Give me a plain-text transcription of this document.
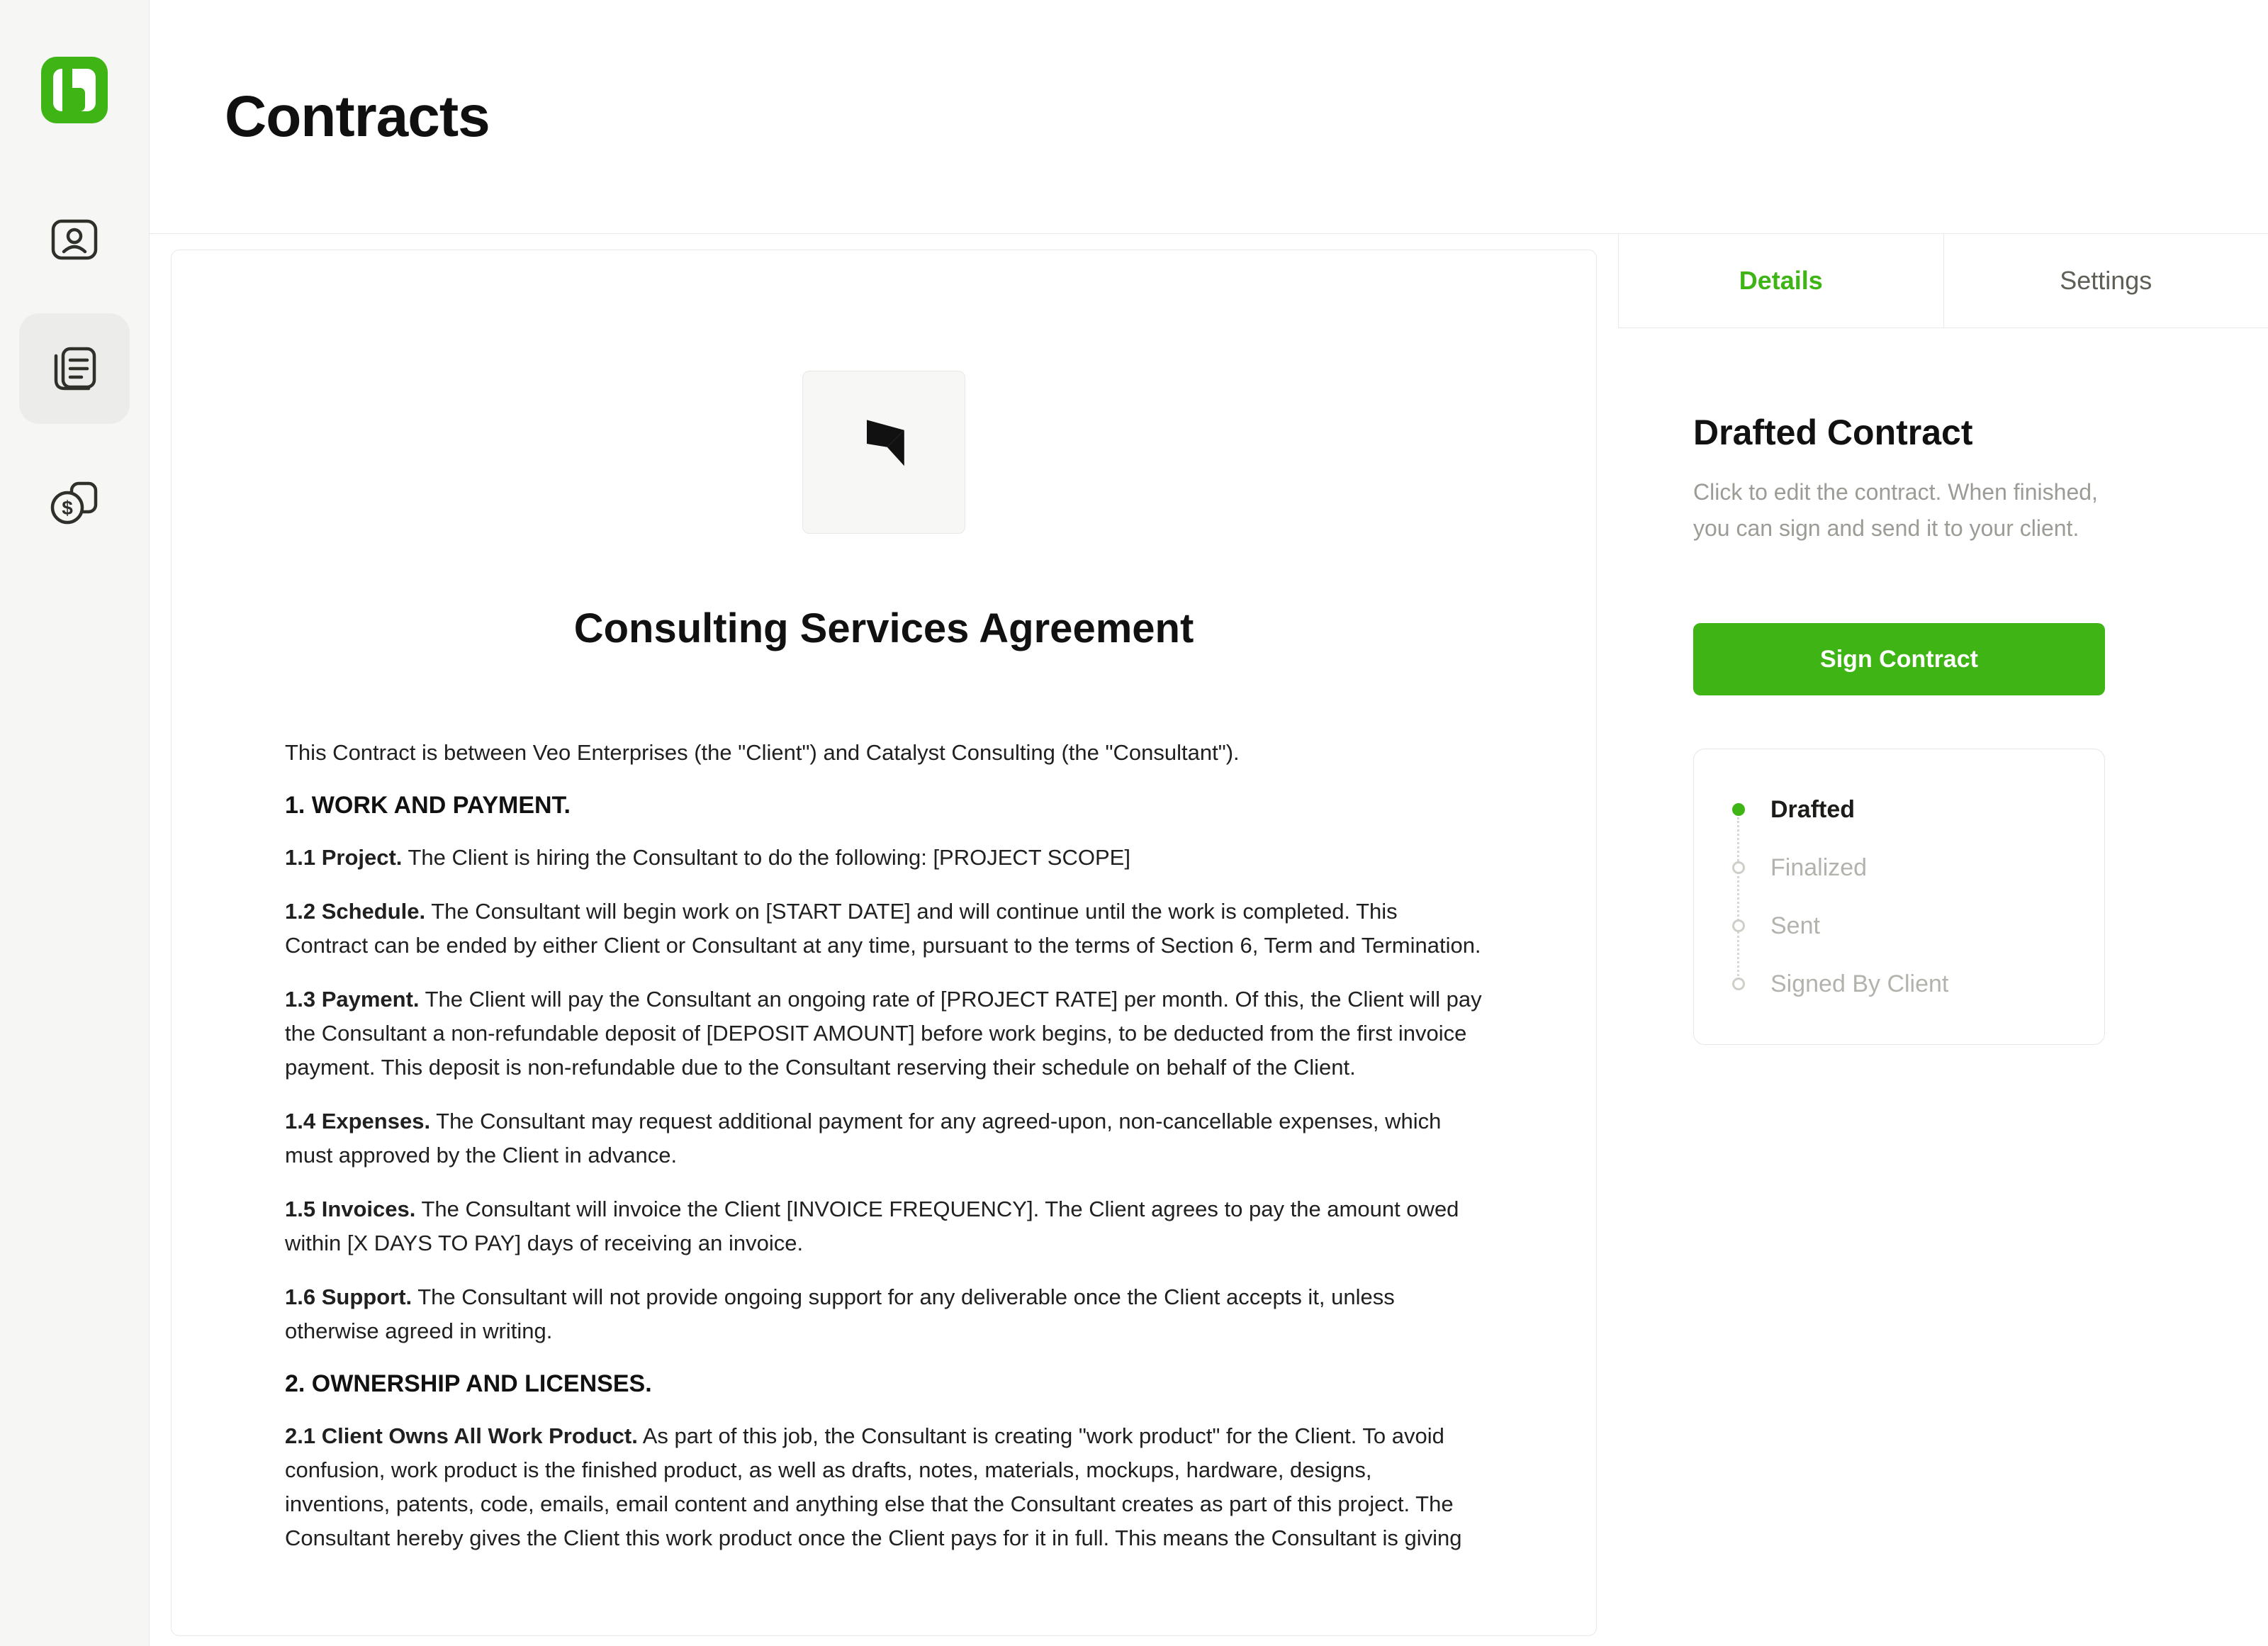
$
Contracts
Consulting Services Agreement

This Contract is between Veo Enterprises (the "Client") and Catalyst Consulting (the "Consultant").

1. WORK AND PAYMENT.

1.1 Project. The Client is hiring the Consultant to do the following: [PROJECT SCOPE]

1.2 Schedule. The Consultant will begin work on [START DATE] and will continue until the work is completed. This Contract can be ended by either Client or Consultant at any time, pursuant to the terms of Section 6, Term and Termination.

1.3 Payment. The Client will pay the Consultant an ongoing rate of [PROJECT RATE] per month. Of this, the Client will pay the Consultant a non-refundable deposit of [DEPOSIT AMOUNT] before work begins, to be deducted from the first invoice payment. This deposit is non-refundable due to the Consultant reserving their schedule on behalf of the Client.

1.4 Expenses. The Consultant may request additional payment for any agreed-upon, non-cancellable expenses, which must approved by the Client in advance.

1.5 Invoices. The Consultant will invoice the Client [INVOICE FREQUENCY]. The Client agrees to pay the amount owed within [X DAYS TO PAY] days of receiving an invoice.

1.6 Support. The Consultant will not provide ongoing support for any deliverable once the Client accepts it, unless otherwise agreed in writing.

2. OWNERSHIP AND LICENSES.

2.1 Client Owns All Work Product. As part of this job, the Consultant is creating "work product" for the Client. To avoid confusion, work product is the finished product, as well as drafts, notes, materials, mockups, hardware, designs, inventions, patents, code, emails, email content and anything else that the Consultant creates as part of this project. The Consultant hereby gives the Client this work product once the Client pays for it in full. This means the Consultant is giving

Details	Settings
Drafted Contract

Click to edit the contract. When finished, you can sign and send it to your client.

Sign Contract
Drafted
Finalized
Sent
Signed By Client
